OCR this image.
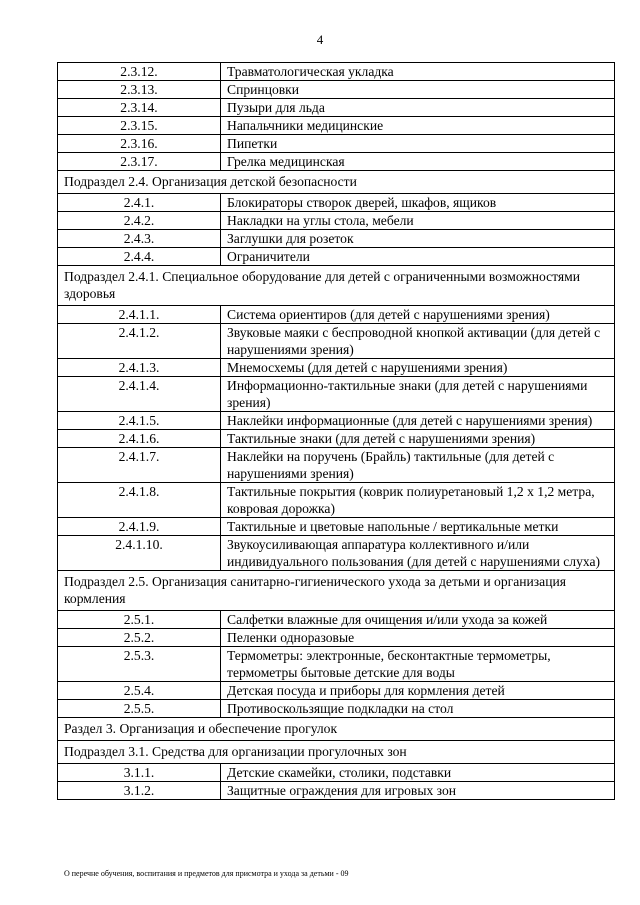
4
2.3.12.	Травматологическая укладка
2.3.13.	Спринцовки
2.3.14.	Пузыри для льда
2.3.15.	Напальчники медицинские
2.3.16.	Пипетки
2.3.17.	Грелка медицинская
Подраздел 2.4. Организация детской безопасности	
2.4.1.	Блокираторы створок дверей, шкафов, ящиков
2.4.2.	Накладки на углы стола, мебели
2.4.3.	Заглушки для розеток
2.4.4.	Ограничители
Подраздел 2.4.1. Специальное оборудование для детей с ограниченными возможностями здоровья	
2.4.1.1.	Система ориентиров (для детей с нарушениями зрения)
2.4.1.2.	Звуковые маяки с беспроводной кнопкой активации (для детей с нарушениями зрения)
2.4.1.3.	Мнемосхемы (для детей с нарушениями зрения)
2.4.1.4.	Информационно-тактильные знаки (для детей с нарушениями зрения)
2.4.1.5.	Наклейки информационные (для детей с нарушениями зрения)
2.4.1.6.	Тактильные знаки (для детей с нарушениями зрения)
2.4.1.7.	Наклейки на поручень (Брайль) тактильные (для детей с нарушениями зрения)
2.4.1.8.	Тактильные покрытия (коврик полиуретановый 1,2 x 1,2 метра, ковровая дорожка)
2.4.1.9.	Тактильные и цветовые напольные / вертикальные метки
2.4.1.10.	Звукоусиливающая аппаратура коллективного и/или индивидуального пользования (для детей с нарушениями слуха)
Подраздел 2.5. Организация санитарно-гигиенического ухода за детьми и организация кормления	
2.5.1.	Салфетки влажные для очищения и/или ухода за кожей
2.5.2.	Пеленки одноразовые
2.5.3.	Термометры: электронные, бесконтактные термометры, термометры бытовые детские для воды
2.5.4.	Детская посуда и приборы для кормления детей
2.5.5.	Противоскользящие подкладки на стол
Раздел 3. Организация и обеспечение прогулок	
Подраздел 3.1. Средства для организации прогулочных зон	
3.1.1.	Детские скамейки, столики, подставки
3.1.2.	Защитные ограждения для игровых зон
О перечне обучения, воспитания и предметов для присмотра и ухода за детьми - 09
